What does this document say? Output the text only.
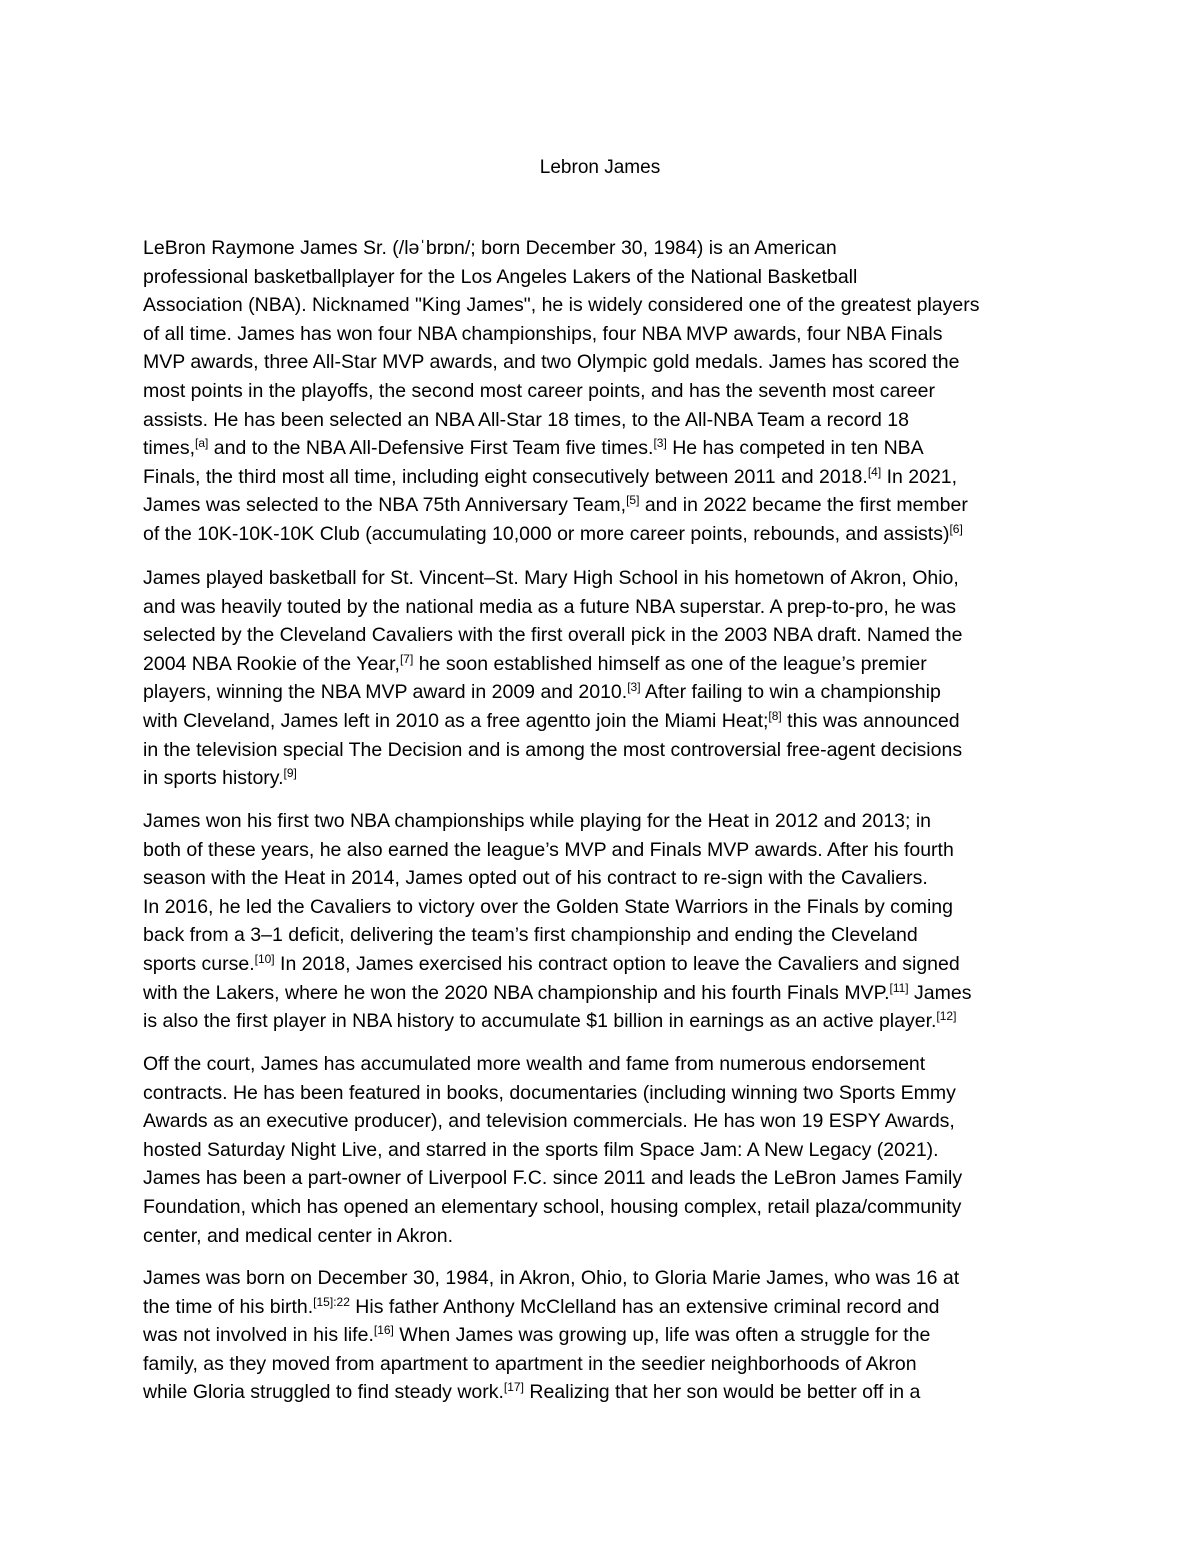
Lebron James

LeBron Raymone James Sr. (/ləˈbrɒn/; born December 30, 1984) is an American
professional basketballplayer for the Los Angeles Lakers of the National Basketball
Association (NBA). Nicknamed "King James", he is widely considered one of the greatest players
of all time. James has won four NBA championships, four NBA MVP awards, four NBA Finals
MVP awards, three All-Star MVP awards, and two Olympic gold medals. James has scored the
most points in the playoffs, the second most career points, and has the seventh most career
assists. He has been selected an NBA All-Star 18 times, to the All-NBA Team a record 18
times,[a] and to the NBA All-Defensive First Team five times.[3] He has competed in ten NBA
Finals, the third most all time, including eight consecutively between 2011 and 2018.[4] In 2021,
James was selected to the NBA 75th Anniversary Team,[5] and in 2022 became the first member
of the 10K-10K-10K Club (accumulating 10,000 or more career points, rebounds, and assists)[6]

James played basketball for St. Vincent–St. Mary High School in his hometown of Akron, Ohio,
and was heavily touted by the national media as a future NBA superstar. A prep-to-pro, he was
selected by the Cleveland Cavaliers with the first overall pick in the 2003 NBA draft. Named the
2004 NBA Rookie of the Year,[7] he soon established himself as one of the league’s premier
players, winning the NBA MVP award in 2009 and 2010.[3] After failing to win a championship
with Cleveland, James left in 2010 as a free agentto join the Miami Heat;[8] this was announced
in the television special The Decision and is among the most controversial free-agent decisions
in sports history.[9]

James won his first two NBA championships while playing for the Heat in 2012 and 2013; in
both of these years, he also earned the league’s MVP and Finals MVP awards. After his fourth
season with the Heat in 2014, James opted out of his contract to re-sign with the Cavaliers.
In 2016, he led the Cavaliers to victory over the Golden State Warriors in the Finals by coming
back from a 3–1 deficit, delivering the team’s first championship and ending the Cleveland
sports curse.[10] In 2018, James exercised his contract option to leave the Cavaliers and signed
with the Lakers, where he won the 2020 NBA championship and his fourth Finals MVP.[11] James
is also the first player in NBA history to accumulate $1 billion in earnings as an active player.[12]

Off the court, James has accumulated more wealth and fame from numerous endorsement
contracts. He has been featured in books, documentaries (including winning two Sports Emmy
Awards as an executive producer), and television commercials. He has won 19 ESPY Awards,
hosted Saturday Night Live, and starred in the sports film Space Jam: A New Legacy (2021).
James has been a part-owner of Liverpool F.C. since 2011 and leads the LeBron James Family
Foundation, which has opened an elementary school, housing complex, retail plaza/community
center, and medical center in Akron.

James was born on December 30, 1984, in Akron, Ohio, to Gloria Marie James, who was 16 at
the time of his birth.$^{[15]:22}$ His father Anthony McClelland has an extensive criminal record and
was not involved in his life.[16] When James was growing up, life was often a struggle for the
family, as they moved from apartment to apartment in the seedier neighborhoods of Akron
while Gloria struggled to find steady work.[17] Realizing that her son would be better off in a
